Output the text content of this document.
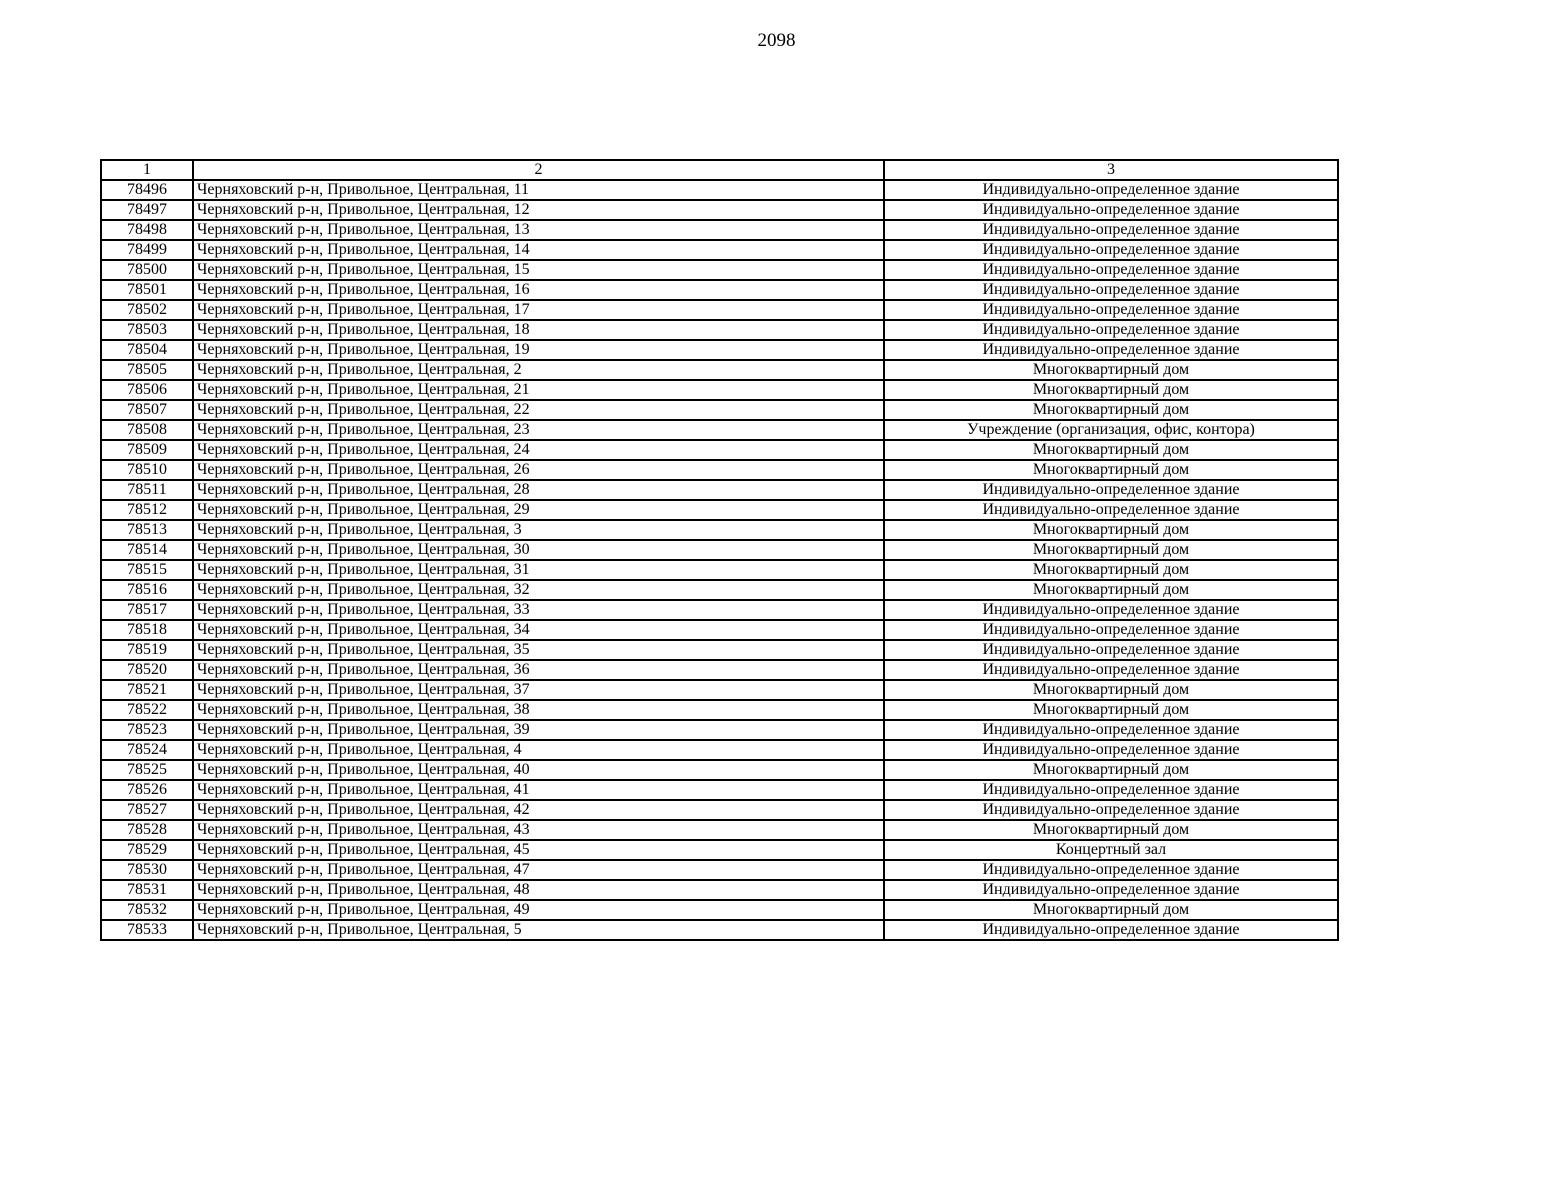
2098
1	2	3
78496	Черняховский р-н, Привольное, Центральная, 11	Индивидуально-определенное здание
78497	Черняховский р-н, Привольное, Центральная, 12	Индивидуально-определенное здание
78498	Черняховский р-н, Привольное, Центральная, 13	Индивидуально-определенное здание
78499	Черняховский р-н, Привольное, Центральная, 14	Индивидуально-определенное здание
78500	Черняховский р-н, Привольное, Центральная, 15	Индивидуально-определенное здание
78501	Черняховский р-н, Привольное, Центральная, 16	Индивидуально-определенное здание
78502	Черняховский р-н, Привольное, Центральная, 17	Индивидуально-определенное здание
78503	Черняховский р-н, Привольное, Центральная, 18	Индивидуально-определенное здание
78504	Черняховский р-н, Привольное, Центральная, 19	Индивидуально-определенное здание
78505	Черняховский р-н, Привольное, Центральная, 2	Многоквартирный дом
78506	Черняховский р-н, Привольное, Центральная, 21	Многоквартирный дом
78507	Черняховский р-н, Привольное, Центральная, 22	Многоквартирный дом
78508	Черняховский р-н, Привольное, Центральная, 23	Учреждение (организация, офис, контора)
78509	Черняховский р-н, Привольное, Центральная, 24	Многоквартирный дом
78510	Черняховский р-н, Привольное, Центральная, 26	Многоквартирный дом
78511	Черняховский р-н, Привольное, Центральная, 28	Индивидуально-определенное здание
78512	Черняховский р-н, Привольное, Центральная, 29	Индивидуально-определенное здание
78513	Черняховский р-н, Привольное, Центральная, 3	Многоквартирный дом
78514	Черняховский р-н, Привольное, Центральная, 30	Многоквартирный дом
78515	Черняховский р-н, Привольное, Центральная, 31	Многоквартирный дом
78516	Черняховский р-н, Привольное, Центральная, 32	Многоквартирный дом
78517	Черняховский р-н, Привольное, Центральная, 33	Индивидуально-определенное здание
78518	Черняховский р-н, Привольное, Центральная, 34	Индивидуально-определенное здание
78519	Черняховский р-н, Привольное, Центральная, 35	Индивидуально-определенное здание
78520	Черняховский р-н, Привольное, Центральная, 36	Индивидуально-определенное здание
78521	Черняховский р-н, Привольное, Центральная, 37	Многоквартирный дом
78522	Черняховский р-н, Привольное, Центральная, 38	Многоквартирный дом
78523	Черняховский р-н, Привольное, Центральная, 39	Индивидуально-определенное здание
78524	Черняховский р-н, Привольное, Центральная, 4	Индивидуально-определенное здание
78525	Черняховский р-н, Привольное, Центральная, 40	Многоквартирный дом
78526	Черняховский р-н, Привольное, Центральная, 41	Индивидуально-определенное здание
78527	Черняховский р-н, Привольное, Центральная, 42	Индивидуально-определенное здание
78528	Черняховский р-н, Привольное, Центральная, 43	Многоквартирный дом
78529	Черняховский р-н, Привольное, Центральная, 45	Концертный зал
78530	Черняховский р-н, Привольное, Центральная, 47	Индивидуально-определенное здание
78531	Черняховский р-н, Привольное, Центральная, 48	Индивидуально-определенное здание
78532	Черняховский р-н, Привольное, Центральная, 49	Многоквартирный дом
78533	Черняховский р-н, Привольное, Центральная, 5	Индивидуально-определенное здание
